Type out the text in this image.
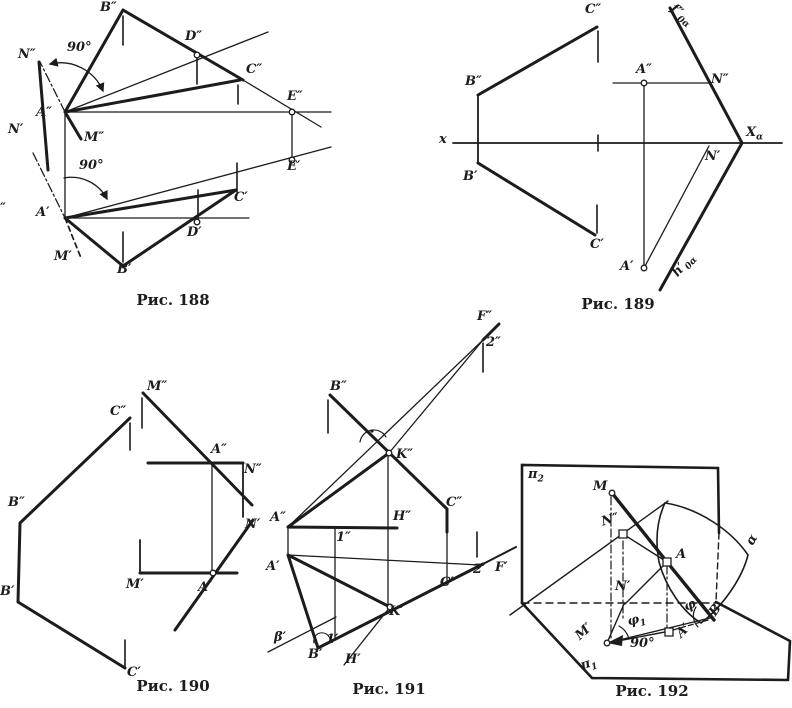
Рис. 188
B″
D″
90°
N″
C″
E″
A″
M″
N′
90°	E′
C′
A′
D′
M′
B′
″
Рис. 189
C″	$f''_{0\alpha}$
B″
A″
N″
x	$X_\alpha$
N′
B′
C′
A′	$h'_{0\alpha}$
Рис. 190
M″
C″
A″
N″
B″
N′
B′	M′	A′
C′
Рис. 191
F″
2″
B″
K″
C″
A″	H″
1″
A′	2′ F′
C′
K′
β′
B′
1′
H′
Рис. 192
$\pi_2$	M
N″
A
α
N′
φ
$\varphi_1$
90°
M′	A′
B
$\pi_1$
